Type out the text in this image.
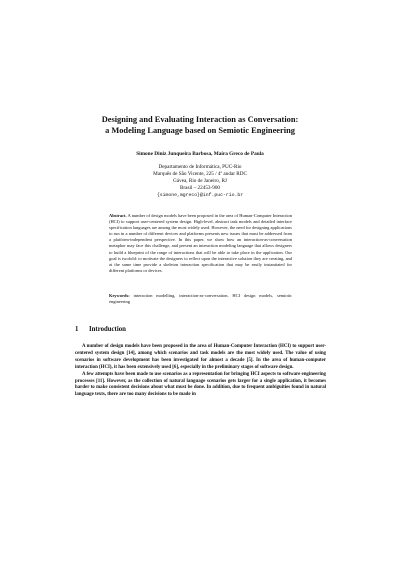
Designing and Evaluating Interaction as Conversation:
a Modeling Language based on Semiotic Engineering
Simone Diniz Junqueira Barbosa, Maíra Greco de Paula
Departamento de Informática, PUC-Rio
Marquês de São Vicente, 225 / 4º andar RDC
Gávea, Rio de Janeiro, RJ
Brasil – 22453-900
{simone,mgreco}@inf.puc-rio.br
Abstract. A number of design models have been proposed in the area of Human-Computer Interaction (HCI) to support user-centered system design. High-level, abstract task models and detailed interface specification languages are among the most widely used. However, the need for designing applications to run in a number of different devices and platforms presents new issues that must be addressed from a platform-independent perspective. In this paper, we show how an interaction-as-conversation metaphor may face this challenge, and present an interaction modeling language that allows designers to build a blueprint of the range of interactions that will be able to take place in the application. Our goal is twofold: to motivate the designers to reflect upon the interactive solution they are creating, and at the same time provide a skeleton interaction specification that may be easily instantiated for different platforms or devices.
Keywords: interaction modelling, interaction-as-conversation, HCI design models, semiotic engineering
1 Introduction

A number of design models have been proposed in the area of Human-Computer Interaction (HCI) to support user-centered system design [14], among which scenarios and task models are the most widely used. The value of using scenarios in software development has been investigated for almost a decade [5]. In the area of human-computer interaction (HCI), it has been extensively used [6], especially in the preliminary stages of software design.

A few attempts have been made to use scenarios as a representation for bringing HCI aspects to software engineering processes [11]. However, as the collection of natural language scenarios gets larger for a single application, it becomes harder to make consistent decisions about what must be done. In addition, due to frequent ambiguities found in natural language texts, there are too many decisions to be made in
